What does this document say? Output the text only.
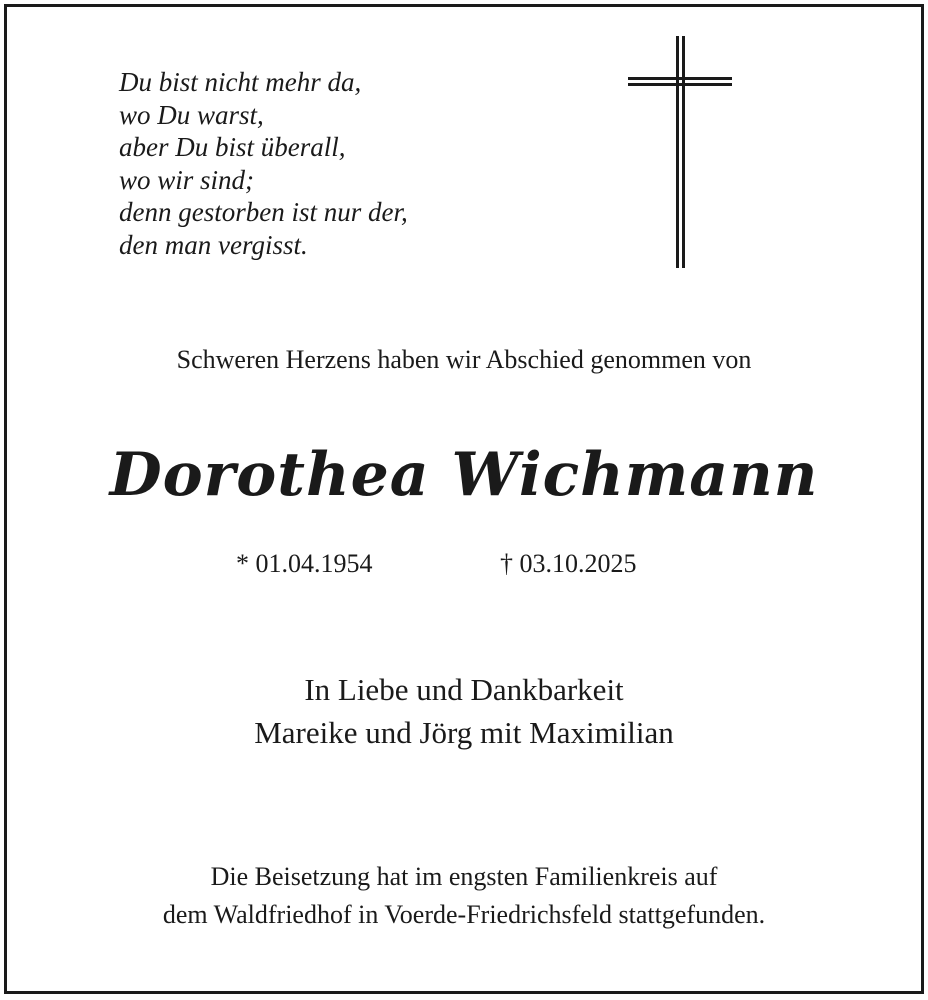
Du bist nicht mehr da,
wo Du warst,
aber Du bist überall,
wo wir sind;
denn gestorben ist nur der,
den man vergisst.
Schweren Herzens haben wir Abschied genommen von
Dorothea Wichmann
* 01.04.1954	† 03.10.2025
In Liebe und Dankbarkeit
Mareike und Jörg mit Maximilian
Die Beisetzung hat im engsten Familienkreis auf
dem Waldfriedhof in Voerde-Friedrichsfeld stattgefunden.
